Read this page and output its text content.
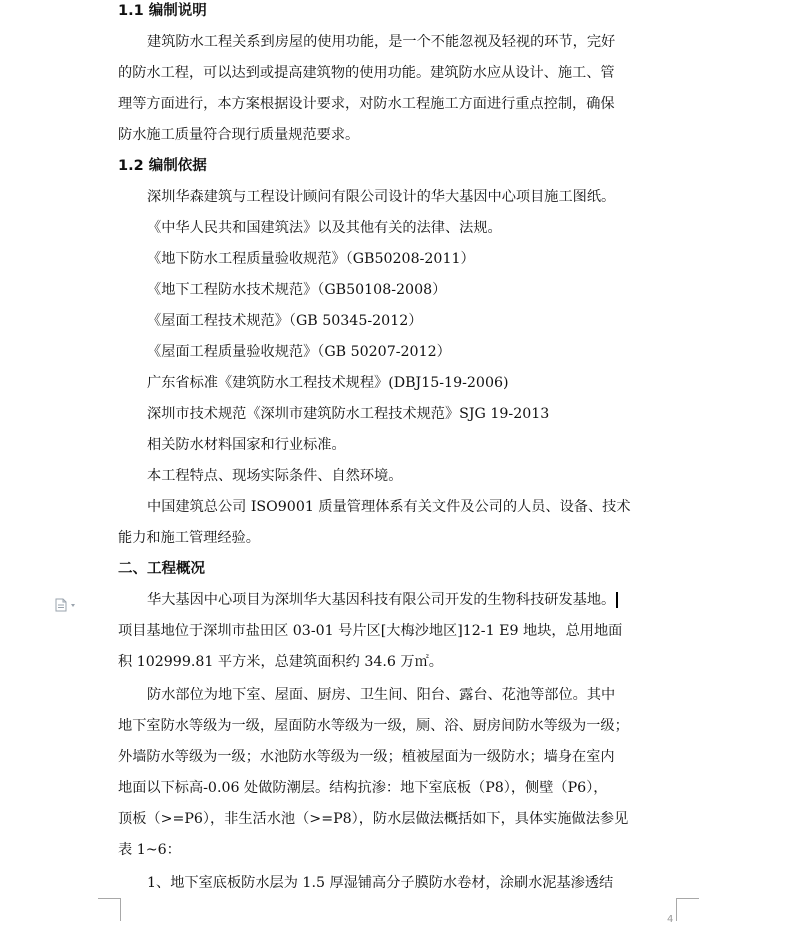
1.1 编制说明
建筑防水工程关系到房屋的使用功能，是一个不能忽视及轻视的环节，完好
的防水工程，可以达到或提高建筑物的使用功能。建筑防水应从设计、施工、管
理等方面进行，本方案根据设计要求，对防水工程施工方面进行重点控制，确保
防水施工质量符合现行质量规范要求。
1.2 编制依据
深圳华森建筑与工程设计顾问有限公司设计的华大基因中心项目施工图纸。
《中华人民共和国建筑法》以及其他有关的法律、法规。
《地下防水工程质量验收规范》（GB50208-2011）
《地下工程防水技术规范》（GB50108-2008）
《屋面工程技术规范》（GB 50345-2012）
《屋面工程质量验收规范》（GB 50207-2012）
广东省标准《建筑防水工程技术规程》(DBJ15-19-2006)
深圳市技术规范《深圳市建筑防水工程技术规范》SJG 19-2013
相关防水材料国家和行业标准。
本工程特点、现场实际条件、自然环境。
中国建筑总公司 ISO9001 质量管理体系有关文件及公司的人员、设备、技术
能力和施工管理经验。
二、工程概况
华大基因中心项目为深圳华大基因科技有限公司开发的生物科技研发基地。
项目基地位于深圳市盐田区 03-01 号片区[大梅沙地区]12-1 E9 地块，总用地面
积 102999.81 平方米，总建筑面积约 34.6 万㎡。
防水部位为地下室、屋面、厨房、卫生间、阳台、露台、花池等部位。其中
地下室防水等级为一级，屋面防水等级为一级，厕、浴、厨房间防水等级为一级；
外墙防水等级为一级；水池防水等级为一级；植被屋面为一级防水；墙身在室内
地面以下标高-0.06 处做防潮层。结构抗渗：地下室底板（P8），侧壁（P6），
顶板（>=P6），非生活水池（>=P8），防水层做法概括如下，具体实施做法参见
表 1~6：
1、地下室底板防水层为 1.5 厚湿铺高分子膜防水卷材，涂刷水泥基渗透结
4
